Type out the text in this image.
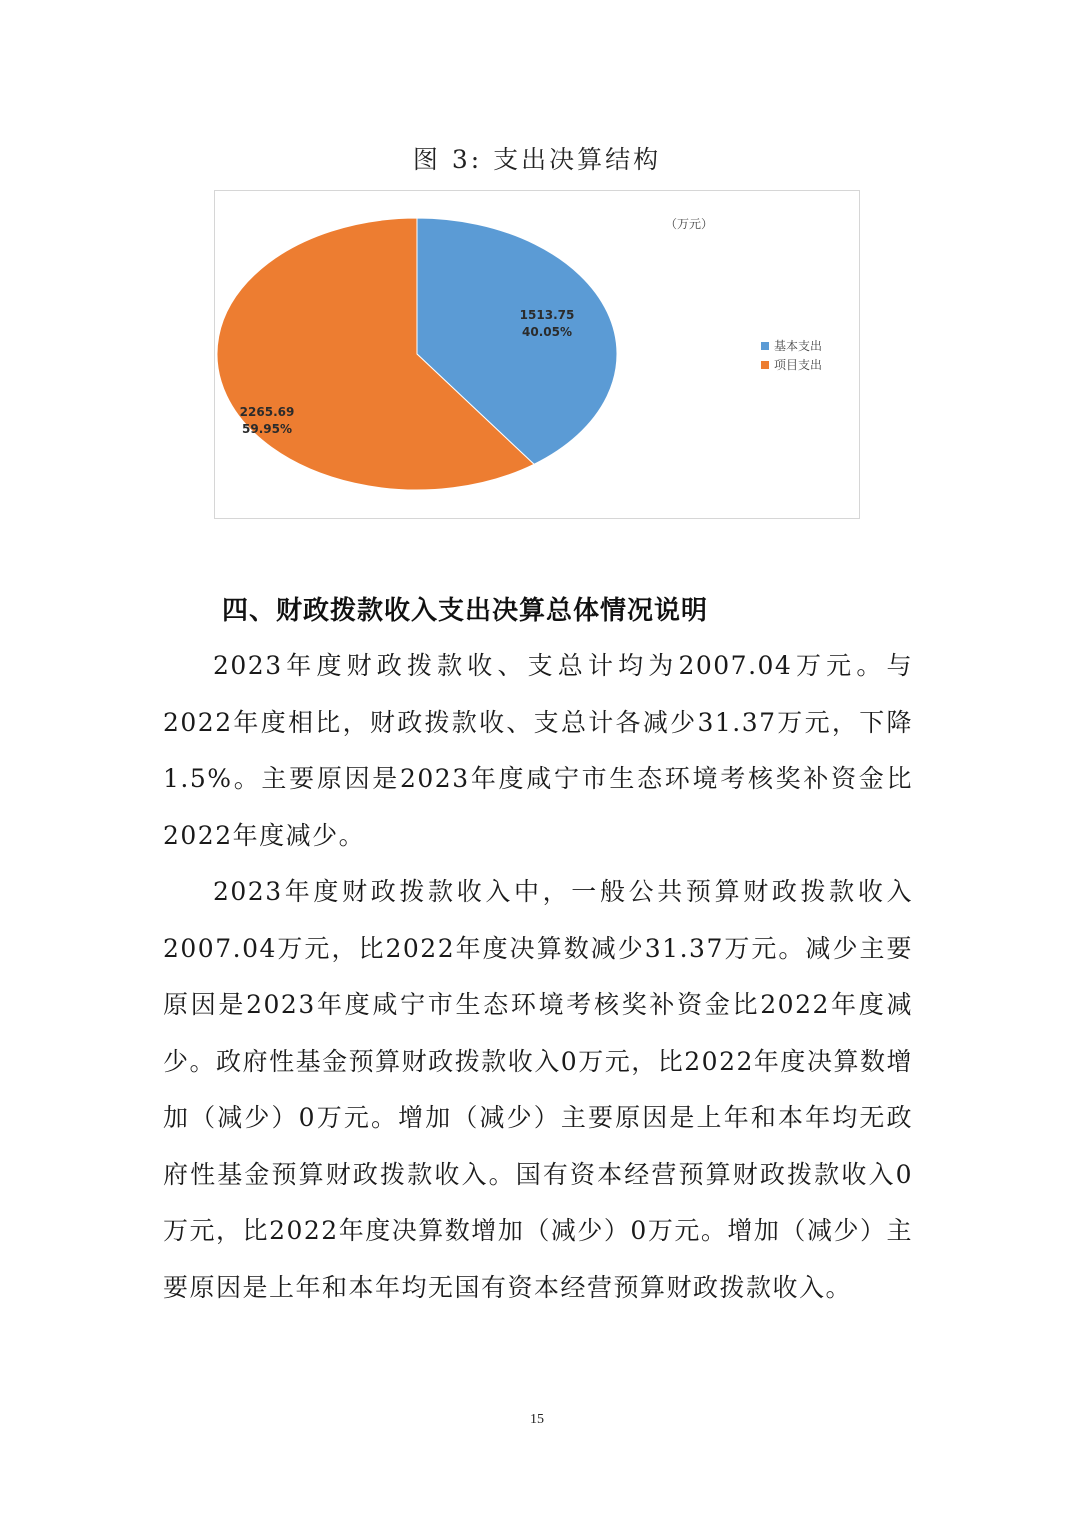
图 3: 支出决算结构
1513.75
40.05%
2265.69
59.95%
（万元）
基本支出
项目支出
四、财政拨款收入支出决算总体情况说明

2023年度财政拨款收、支总计均为2007.04万元。与2022年度相比，财政拨款收、支总计各减少31.37万元，下降1.5%。主要原因是2023年度咸宁市生态环境考核奖补资金比2022年度减少。

2023年度财政拨款收入中，一般公共预算财政拨款收入2007.04万元，比2022年度决算数减少31.37万元。减少主要原因是2023年度咸宁市生态环境考核奖补资金比2022年度减少。政府性基金预算财政拨款收入0万元，比2022年度决算数增加（减少）0万元。增加（减少）主要原因是上年和本年均无政府性基金预算财政拨款收入。国有资本经营预算财政拨款收入0万元，比2022年度决算数增加（减少）0万元。增加（减少）主要原因是上年和本年均无国有资本经营预算财政拨款收入。

15
